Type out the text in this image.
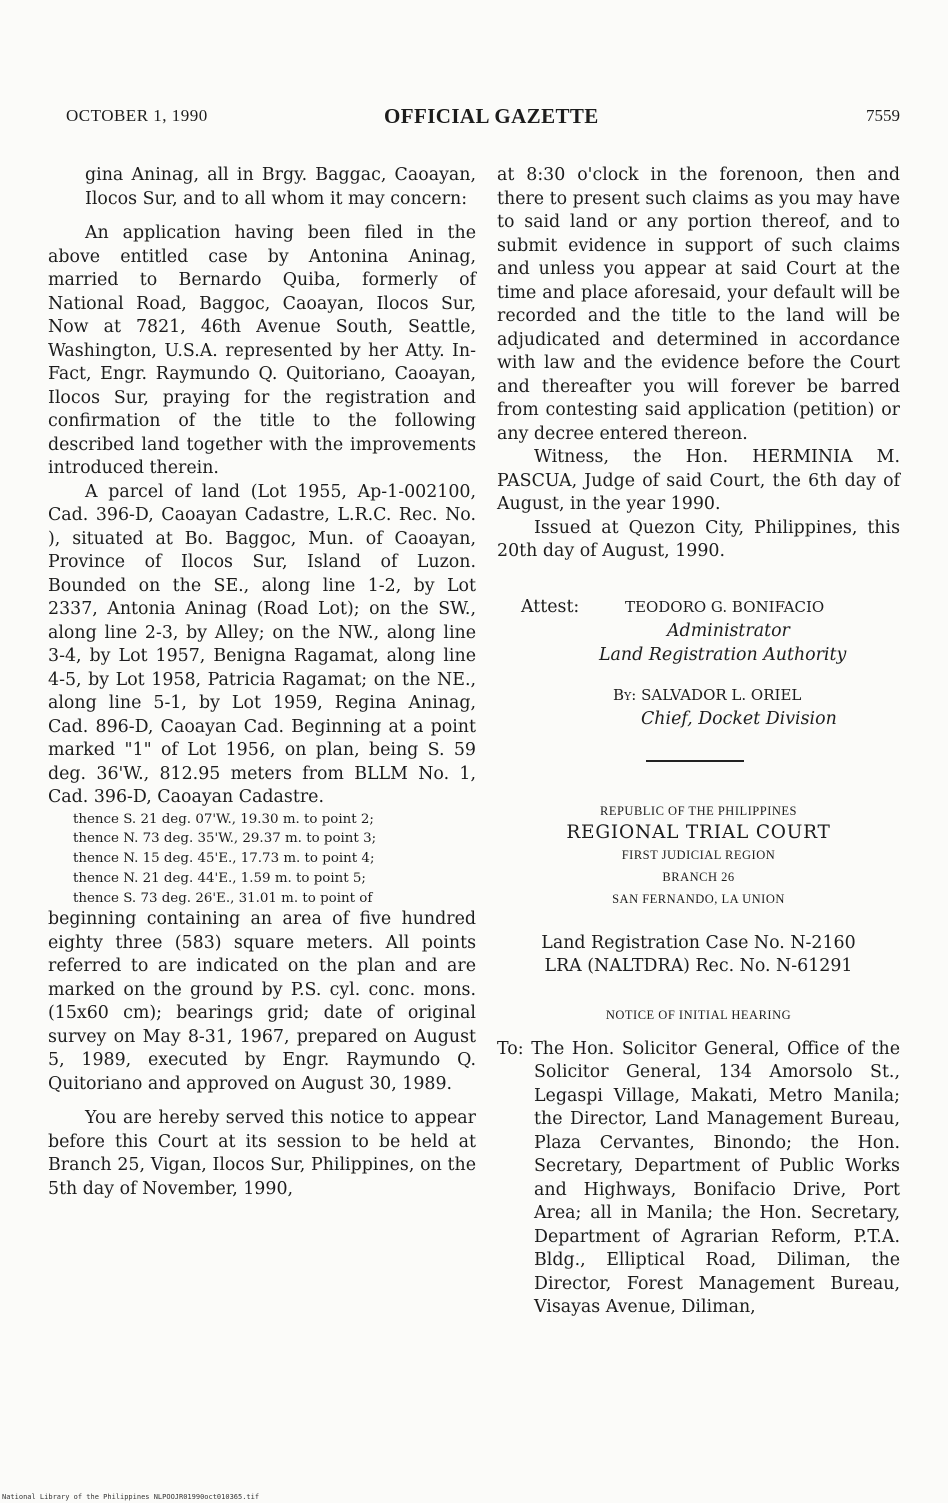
OCTOBER 1, 1990	OFFICIAL GAZETTE	7559

gina Aninag, all in Brgy. Baggac, Caoayan, Ilocos Sur, and to all whom it may concern:

An application having been filed in the above entitled case by Antonina Aninag, married to Bernardo Quiba, formerly of National Road, Baggoc, Caoayan, Ilocos Sur, Now at 7821, 46th Avenue South, Seattle, Washington, U.S.A. represented by her Atty. In-Fact, Engr. Raymundo Q. Quitoriano, Caoayan, Ilocos Sur, praying for the registration and confirmation of the title to the following described land together with the improvements introduced therein.

A parcel of land (Lot 1955, Ap-1-002100, Cad. 396-D, Caoayan Cadastre, L.R.C. Rec. No. ), situated at Bo. Baggoc, Mun. of Caoayan, Province of Ilocos Sur, Island of Luzon. Bounded on the SE., along line 1-2, by Lot 2337, Antonia Aninag (Road Lot); on the SW., along line 2-3, by Alley; on the NW., along line 3-4, by Lot 1957, Benigna Ragamat, along line 4-5, by Lot 1958, Patricia Ragamat; on the NE., along line 5-1, by Lot 1959, Regina Aninag, Cad. 896-D, Caoayan Cad. Beginning at a point marked "1" of Lot 1956, on plan, being S. 59 deg. 36'W., 812.95 meters from BLLM No. 1, Cad. 396-D, Caoayan Cadastre.

thence S. 21 deg. 07'W., 19.30 m. to point 2;

thence N. 73 deg. 35'W., 29.37 m. to point 3;

thence N. 15 deg. 45'E., 17.73 m. to point 4;

thence N. 21 deg. 44'E., 1.59 m. to point 5;

thence S. 73 deg. 26'E., 31.01 m. to point of

beginning containing an area of five hundred eighty three (583) square meters. All points referred to are indicated on the plan and are marked on the ground by P.S. cyl. conc. mons. (15x60 cm); bearings grid; date of original survey on May 8-31, 1967, prepared on August 5, 1989, executed by Engr. Raymundo Q. Quitoriano and approved on August 30, 1989.

You are hereby served this notice to appear before this Court at its session to be held at Branch 25, Vigan, Ilocos Sur, Philippines, on the 5th day of November, 1990,

at 8:30 o'clock in the forenoon, then and there to present such claims as you may have to said land or any portion thereof, and to submit evidence in support of such claims and unless you appear at said Court at the time and place aforesaid, your default will be recorded and the title to the land will be adjudicated and determined in accordance with law and the evidence before the Court and thereafter you will forever be barred from contesting said application (petition) or any decree entered thereon.

Witness, the Hon. HERMINIA M. PASCUA, Judge of said Court, the 6th day of August, in the year 1990.

Issued at Quezon City, Philippines, this 20th day of August, 1990.

Attest:	TEODORO G. BONIFACIO
Administrator
Land Registration Authority
By: SALVADOR L. ORIEL
Chief, Docket Division

REPUBLIC OF THE PHILIPPINES

REGIONAL TRIAL COURT

FIRST JUDICIAL REGION

BRANCH 26

SAN FERNANDO, LA UNION

Land Registration Case No. N-2160

LRA (NALTDRA) Rec. No. N-61291

NOTICE OF INITIAL HEARING

To: The Hon. Solicitor General, Office of the Solicitor General, 134 Amorsolo St., Legaspi Village, Makati, Metro Manila; the Director, Land Management Bureau, Plaza Cervantes, Binondo; the Hon. Secretary, Department of Public Works and Highways, Bonifacio Drive, Port Area; all in Manila; the Hon. Secretary, Department of Agrarian Reform, P.T.A. Bldg., Elliptical Road, Diliman, the Director, Forest Management Bureau, Visayas Avenue, Diliman,

National Library of the Philippines NLPOOJR01990oct010365.tif
